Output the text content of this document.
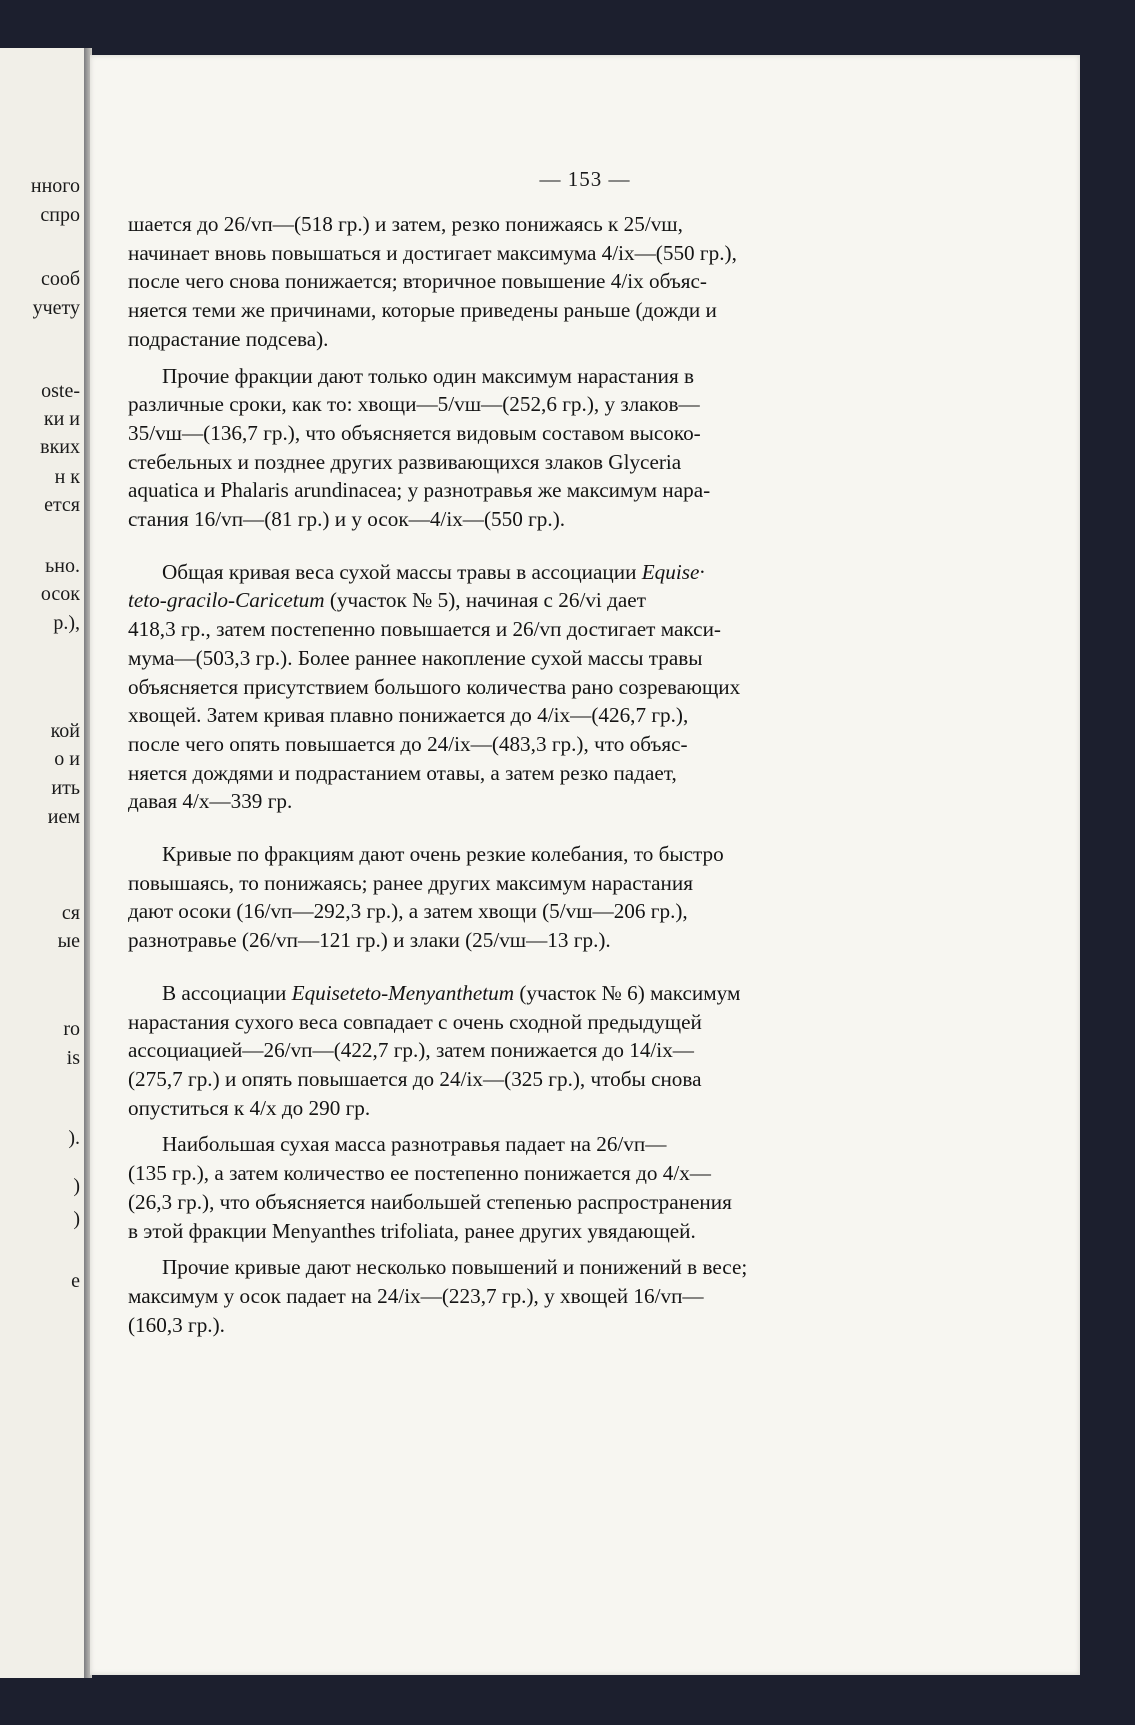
нного
спро
сооб
учету
oste-
ки и
вких
н к
ется
ьно.
осок
р.),
кой
о и
ить
ием
ся
ые
ro
is
).
)
)
e
— 153 —

шается до 26/vп—(518 гр.) и затем, резко понижаясь к 25/vш,

начинает вновь повышаться и достигает максимума 4/ix—(550 гр.),

после чего снова понижается; вторичное повышение 4/ix объяс-

няется теми же причинами, которые приведены раньше (дожди и

подрастание подсева).

Прочие фракции дают только один максимум нарастания в

различные сроки, как то: хвощи—5/vш—(252,6 гр.), у злаков—

35/vш—(136,7 гр.), что объясняется видовым составом высоко-

стебельных и позднее других развивающихся злаков Glyceria

aquatica и Phalaris arundinacea; у разнотравья же максимум нара-

стания 16/vп—(81 гр.) и у осок—4/ix—(550 гр.).

Общая кривая веса сухой массы травы в ассоциации Equise·

teto-gracilo-Caricetum (участок № 5), начиная с 26/vi дает

418,3 гр., затем постепенно повышается и 26/vп достигает макси-

мума—(503,3 гр.). Более раннее накопление сухой массы травы

объясняется присутствием большого количества рано созревающих

хвощей. Затем кривая плавно понижается до 4/ix—(426,7 гр.),

после чего опять повышается до 24/ix—(483,3 гр.), что объяс-

няется дождями и подрастанием отавы, а затем резко падает,

давая 4/x—339 гр.

Кривые по фракциям дают очень резкие колебания, то быстро

повышаясь, то понижаясь; ранее других максимум нарастания

дают осоки (16/vп—292,3 гр.), а затем хвощи (5/vш—206 гр.),

разнотравье (26/vп—121 гр.) и злаки (25/vш—13 гр.).

В ассоциации Equiseteto-Menyanthetum (участок № 6) максимум

нарастания сухого веса совпадает с очень сходной предыдущей

ассоциацией—26/vп—(422,7 гр.), затем понижается до 14/ix—

(275,7 гр.) и опять повышается до 24/ix—(325 гр.), чтобы снова

опуститься к 4/x до 290 гр.

Наибольшая сухая масса разнотравья падает на 26/vп—

(135 гр.), а затем количество ее постепенно понижается до 4/x—

(26,3 гр.), что объясняется наибольшей степенью распространения

в этой фракции Menyanthes trifoliata, ранее других увядающей.

Прочие кривые дают несколько повышений и понижений в весе;

максимум у осок падает на 24/ix—(223,7 гр.), у хвощей 16/vп—

(160,3 гр.).
